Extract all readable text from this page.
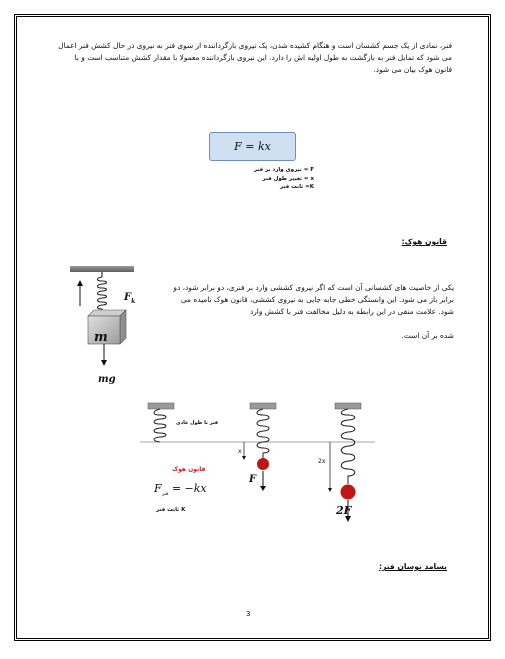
فنر، نمادی از یک جسم کشسان است و هنگام کشیده شدن، یک نیروی بازگرداننده از سوی فنر به نیروی در حال کشش فنر اعمال می شود که تمایل فنر به بازگشت به طول اولیه اش را دارد. این نیروی بازگرداننده معمولا با مقدار کشش متناسب است و با قانون هوک بیان می شود.
F = kx
F = نیروی وارد بر فنر
x = تغییر طول فنر
K= ثابت فنر
قانون هوک:
$F_k$
m
mg
یکی از خاصیت های کشسانی آن است که اگر نیروی کششی وارد بر فنری، دو برابر شود، دو برابر باز می شود. این وابستگی خطی جابه جایی به نیروی کششی، قانون هوک نامیده می شود. علامت منفی در این رابطه به دلیل مخالفت فنر با کشش وارد
شده بر آن است.
فنر با طول عادی
x
2x
F
2F
قانون هوک
$F_{فنر} = -kx$
K ثابت فنر
بسامد نوسان فنر:
3
